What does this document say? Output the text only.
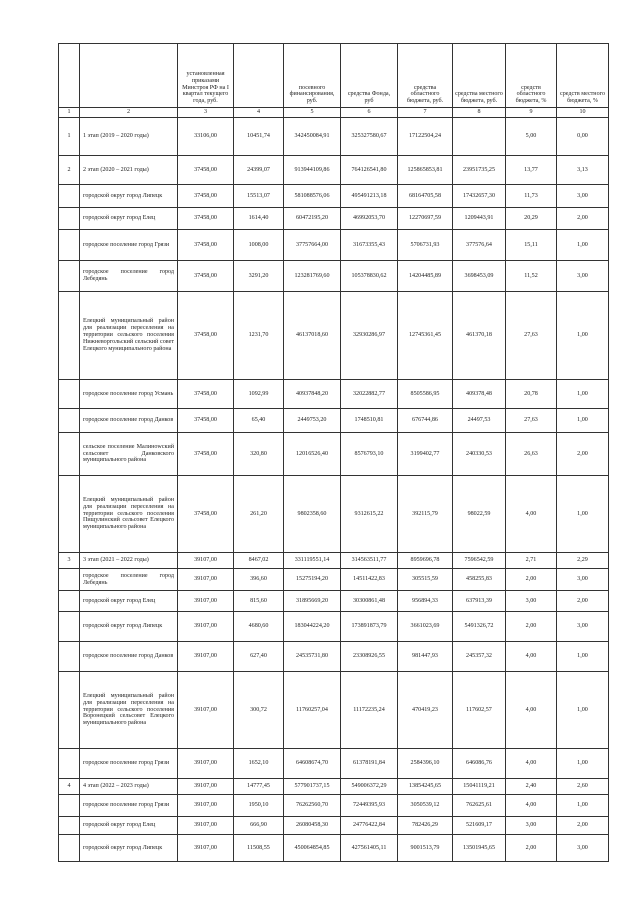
		установленная приказами Минстроя РФ на I квартал текущего года, руб.		посевного финансирования, руб.	средства Фонда, руб	средства областного бюджета, руб.	средства местного бюджета, руб.	средств областного бюджета, %	средств местного бюджета, %
1	2	3	4	5	6	7	8	9	10
1	1 этап (2019 – 2020 годы)	33106,00	10451,74	342450084,91	325327580,67	17122504,24		5,00	0,00
2	2 этап (2020 – 2021 годы)	37458,00	24399,07	913944109,86	764126541,80	125865853,81	23951735,25	13,77	3,13
	городской округ город Липецк	37458,00	15513,07	581088576,06	495491213,18	68164705,58	17432657,30	11,73	3,00
	городской округ город Елец	37458,00	1614,40	60472195,20	46992053,70	12270697,59	1209443,91	20,29	2,00
	городское поселение город Грязи	37458,00	1008,00	37757664,00	31673355,43	5706731,93	377576,64	15,11	1,00
	городское поселение город Лебедянь	37458,00	3291,20	123281769,60	105378830,62	14204485,89	3698453,09	11,52	3,00
	Елецкий муниципальный район для реализации переселения на территории сельского поселения Нижневоргольский сельский совет Елецкого муниципального района	37458,00	1231,70	46137018,60	32930286,97	12745361,45	461370,18	27,63	1,00
	городское поселение город Усмань	37458,00	1092,99	40937848,20	32022882,77	8505586,95	409378,48	20,78	1,00
	городское поселение город Данков	37458,00	65,40	2449753,20	1748510,81	676744,86	24497,53	27,63	1,00
	сельское поселение Малинowский сельсовет Данковского муниципального района	37458,00	320,80	12016526,40	8576793,10	3199402,77	240330,53	26,63	2,00
	Елецкий муниципальный район для реализации переселения на территории сельского поселения Пищулинский сельсовет Елецкого муниципального района	37458,00	261,20	9802358,60	9312615,22	392115,79	98022,59	4,00	1,00
3	3 этап (2021 – 2022 годы)	39107,00	8467,02	331119551,14	314563511,77	8959696,78	7596542,59	2,71	2,29
	городское поселение город Лебедянь	39107,00	396,60	15275194,20	14511422,83	305515,59	458255,83	2,00	3,00
	городской округ город Елец	39107,00	815,60	31895669,20	30300861,48	956894,33	637913,39	3,00	2,00
	городской округ город Липецк	39107,00	4680,60	183044224,20	173891873,79	3661023,69	5491326,72	2,00	3,00
	городское поселение город Данков	39107,00	627,40	24535731,80	23308926,55	981447,93	245357,32	4,00	1,00
	Елецкий муниципальный район для реализации переселения на территории сельского поселения Воронецкий сельсовет Елецкого муниципального района	39107,00	300,72	11760257,04	11172235,24	470419,23	117602,57	4,00	1,00
	городское поселение город Грязи	39107,00	1652,10	64608674,70	61378191,84	2584396,10	646086,76	4,00	1,00
4	4 этап (2022 – 2023 годы)	39107,00	14777,45	577901737,15	549006372,29	13854245,65	15041119,21	2,40	2,60
	городское поселение город Грязи	39107,00	1950,10	76262560,70	72449395,93	3050539,12	762625,61	4,00	1,00
	городской округ город Елец	39107,00	666,90	26080458,30	24776422,84	782426,29	521609,17	3,00	2,00
	городской округ город Липецк	39107,00	11508,55	450064854,85	427561405,11	9001513,79	13501945,65	2,00	3,00
